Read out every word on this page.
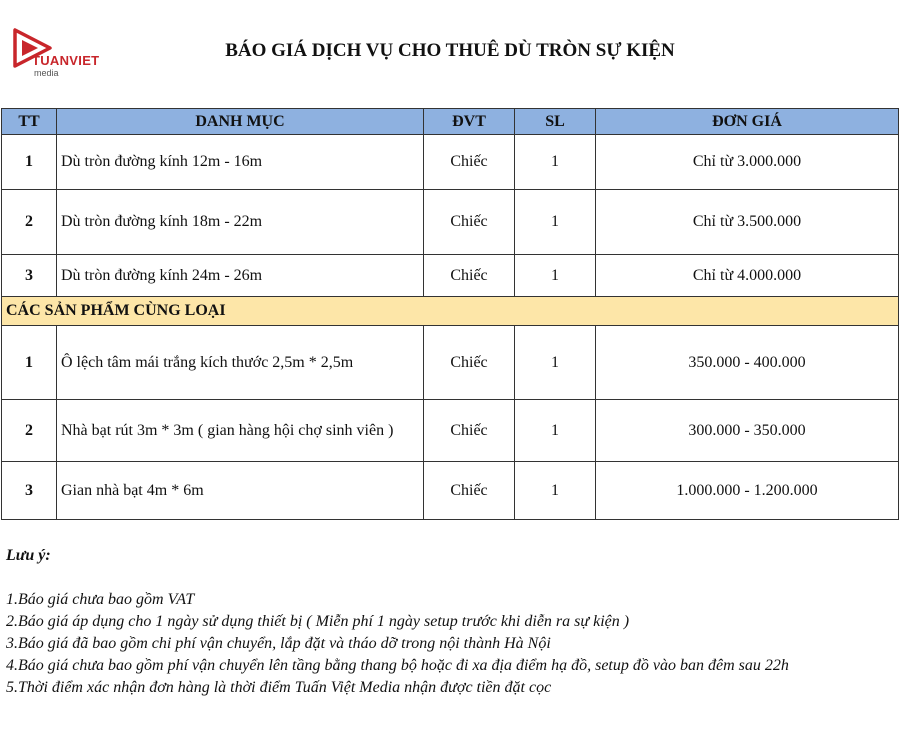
TUANVIET
media
BÁO GIÁ DỊCH VỤ CHO THUÊ DÙ TRÒN SỰ KIỆN
TT	DANH MỤC	ĐVT	SL	ĐƠN GIÁ
1	Dù tròn đường kính 12m - 16m	Chiếc	1	Chỉ từ 3.000.000
2	Dù tròn đường kính 18m - 22m	Chiếc	1	Chỉ từ 3.500.000
3	Dù tròn đường kính 24m - 26m	Chiếc	1	Chỉ từ 4.000.000
CÁC SẢN PHẨM CÙNG LOẠI				
1	Ô lệch tâm mái trắng kích thước 2,5m * 2,5m	Chiếc	1	350.000 - 400.000
2	Nhà bạt rút 3m * 3m ( gian hàng hội chợ sinh viên )	Chiếc	1	300.000 - 350.000
3	Gian nhà bạt 4m * 6m	Chiếc	1	1.000.000 - 1.200.000
Lưu ý:

1.Báo giá chưa bao gồm VAT

2.Báo giá áp dụng cho 1 ngày sử dụng thiết bị ( Miễn phí 1 ngày setup trước khi diễn ra sự kiện )

3.Báo giá đã bao gồm chi phí vận chuyển, lắp đặt và tháo dỡ trong nội thành Hà Nội

4.Báo giá chưa bao gồm phí vận chuyển lên tầng bằng thang bộ hoặc đi xa địa điểm hạ đồ, setup đồ vào ban đêm sau 22h

5.Thời điểm xác nhận đơn hàng là thời điểm Tuấn Việt Media nhận được tiền đặt cọc
